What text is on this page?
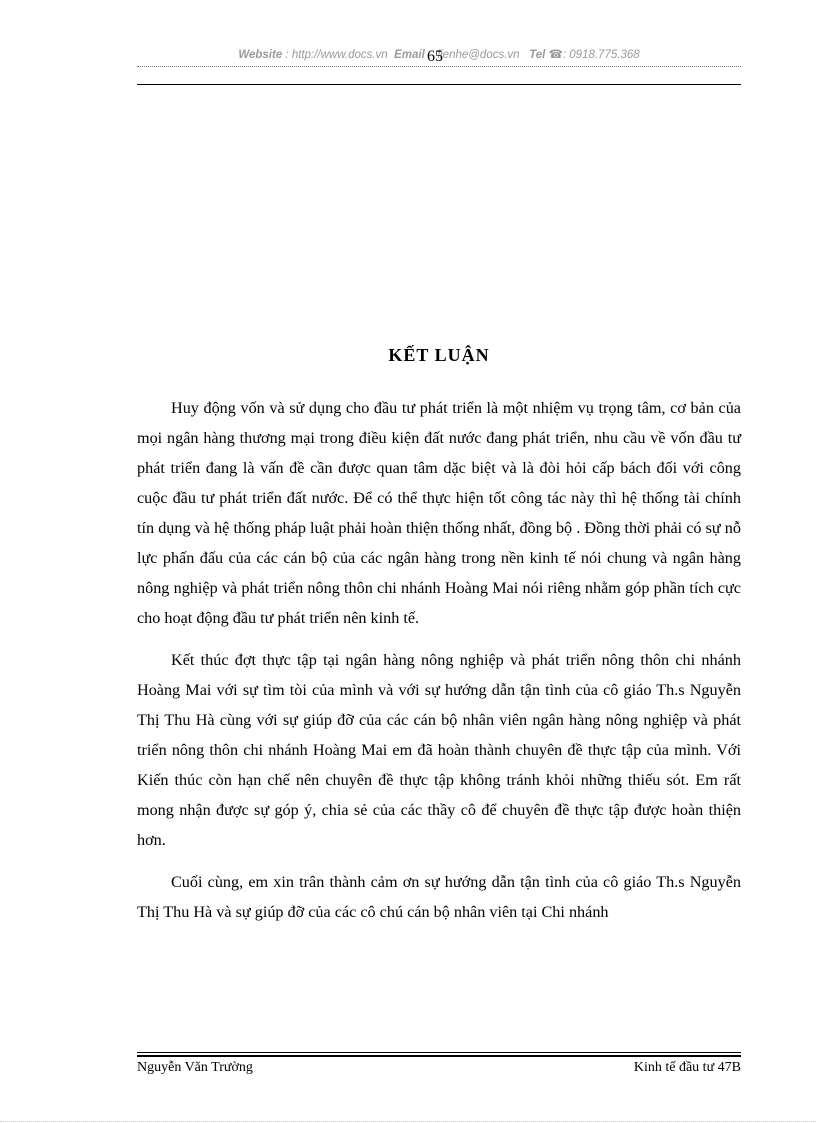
Website : http://www.docs.vn Email lienhe@docs.vn Tel ☎: 0918.775.368
65
KẾT LUẬN

Huy động vốn và sử dụng cho đầu tư phát triển là một nhiệm vụ trọng tâm, cơ bản của mọi ngân hàng thương mại trong điều kiện đất nước đang phát triển, nhu cầu về vốn đầu tư phát triển đang là vấn đề cần được quan tâm dặc biệt và là đòi hỏi cấp bách đối với công cuộc đầu tư phát triển đất nước. Để có thể thực hiện tốt công tác này thì hệ thống tài chính tín dụng và hệ thống pháp luật phải hoàn thiện thống nhất, đồng bộ . Đồng thời phải có sự nỗ lực phấn đấu của các cán bộ của các ngân hàng trong nền kinh tế nói chung và ngân hàng nông nghiệp và phát triển nông thôn chi nhánh Hoàng Mai nói riêng nhằm góp phần tích cực cho hoạt động đầu tư phát triển nên kinh tế.

Kết thúc đợt thực tập tại ngân hàng nông nghiệp và phát triển nông thôn chi nhánh Hoàng Mai với sự tìm tòi của mình và với sự hướng dẫn tận tình của cô giáo Th.s Nguyễn Thị Thu Hà cùng với sự giúp đỡ của các cán bộ nhân viên ngân hàng nông nghiệp và phát triển nông thôn chi nhánh Hoàng Mai em đã hoàn thành chuyên đề thực tập của mình. Với Kiến thúc còn hạn chế nên chuyên đề thực tập không tránh khỏi những thiếu sót. Em rất mong nhận được sự góp ý, chia sẻ của các thầy cô để chuyên đề thực tập được hoàn thiện hơn.

Cuối cùng, em xin trân thành cảm ơn sự hướng dẫn tận tình của cô giáo Th.s Nguyễn Thị Thu Hà và sự giúp đỡ của các cô chú cán bộ nhân viên tại Chi nhánh

Nguyễn Văn Trường	Kinh tế đầu tư 47B
